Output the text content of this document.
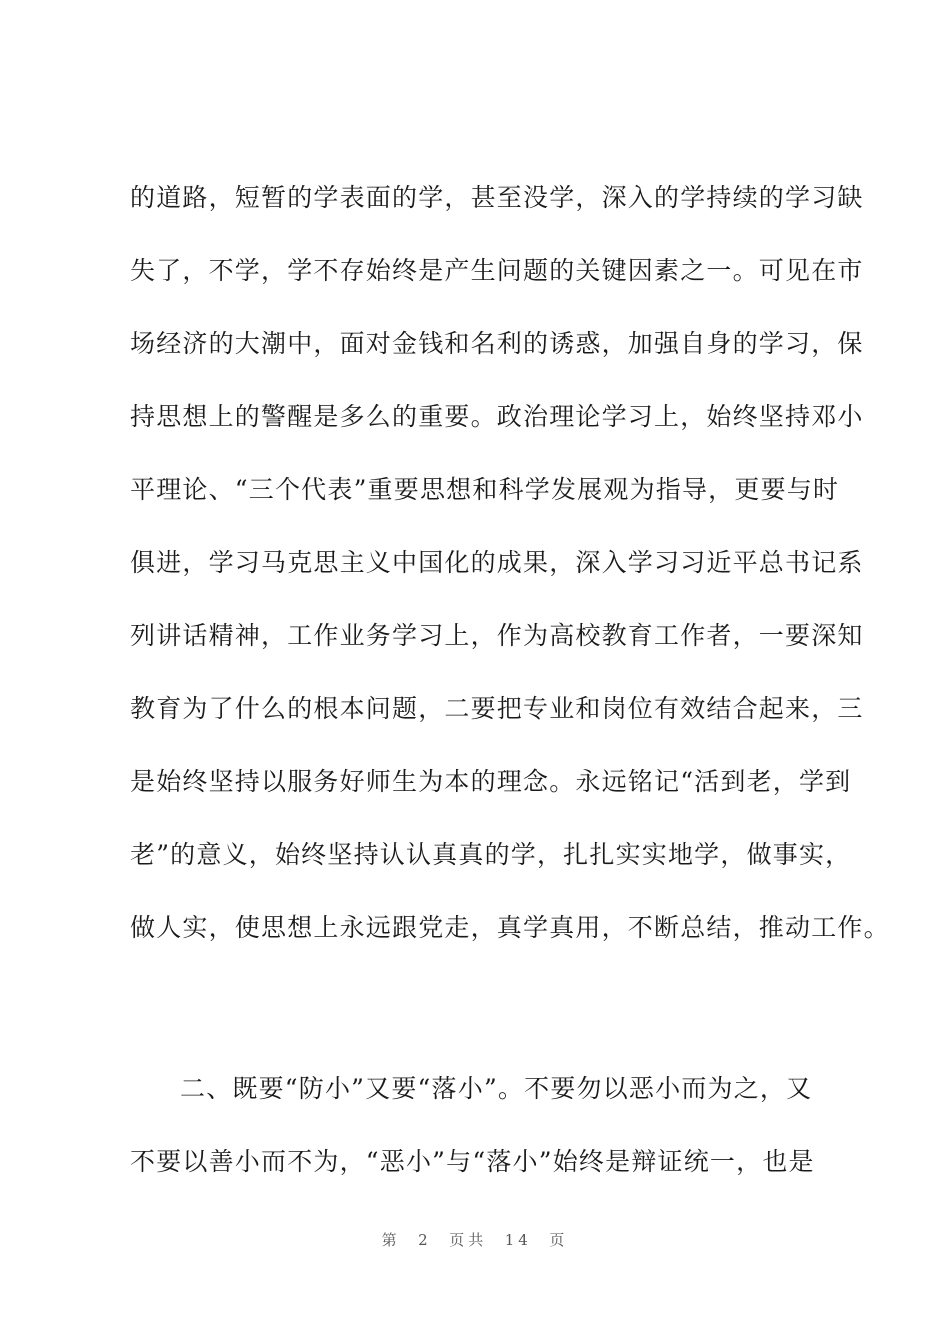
的道路，短暂的学表面的学，甚至没学，深入的学持续的学习缺
失了，不学，学不存始终是产生问题的关键因素之一。可见在市
场经济的大潮中，面对金钱和名利的诱惑，加强自身的学习，保
持思想上的警醒是多么的重要。政治理论学习上，始终坚持邓小
平理论、“三个代表”重要思想和科学发展观为指导，更要与时
俱进，学习马克思主义中国化的成果，深入学习习近平总书记系
列讲话精神，工作业务学习上，作为高校教育工作者，一要深知
教育为了什么的根本问题，二要把专业和岗位有效结合起来，三
是始终坚持以服务好师生为本的理念。永远铭记“活到老，学到
老”的意义，始终坚持认认真真的学，扎扎实实地学，做事实，
做人实，使思想上永远跟党走，真学真用，不断总结，推动工作。
二、既要“防小”又要“落小”。不要勿以恶小而为之，又
不要以善小而不为，“恶小”与“落小”始终是辩证统一，也是
第  2  页共  14  页
